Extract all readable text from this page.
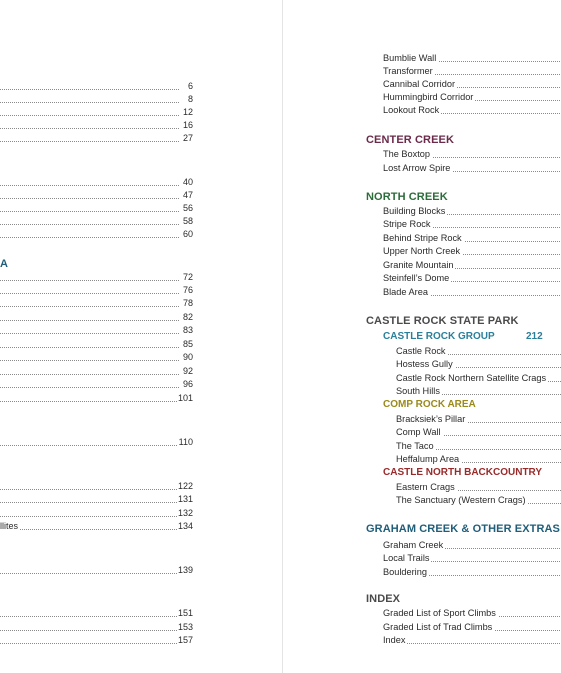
6
8
12
16
27
40
47
56
58
60
A
72
76
78
82
83
85
90
92
96
101
110
122
131
132
llites	134
139
151
153
157
Bumblie Wall
Transformer
Cannibal Corridor
Hummingbird Corridor
Lookout Rock
CENTER CREEK
The Boxtop
Lost Arrow Spire
NORTH CREEK
Building Blocks
Stripe Rock
Behind Stripe Rock
Upper North Creek
Granite Mountain
Steinfell’s Dome
Blade Area
CASTLE ROCK STATE PARK
CASTLE ROCK GROUP	212
Castle Rock
Hostess Gully
Castle Rock Northern Satellite Crags
South Hills
COMP ROCK AREA
Bracksiek’s Pillar
Comp Wall
The Taco
Heffalump Area
CASTLE NORTH BACKCOUNTRY
Eastern Crags
The Sanctuary (Western Crags)
GRAHAM CREEK & OTHER EXTRAS
Graham Creek
Local Trails
Bouldering
INDEX
Graded List of Sport Climbs
Graded List of Trad Climbs
Index
